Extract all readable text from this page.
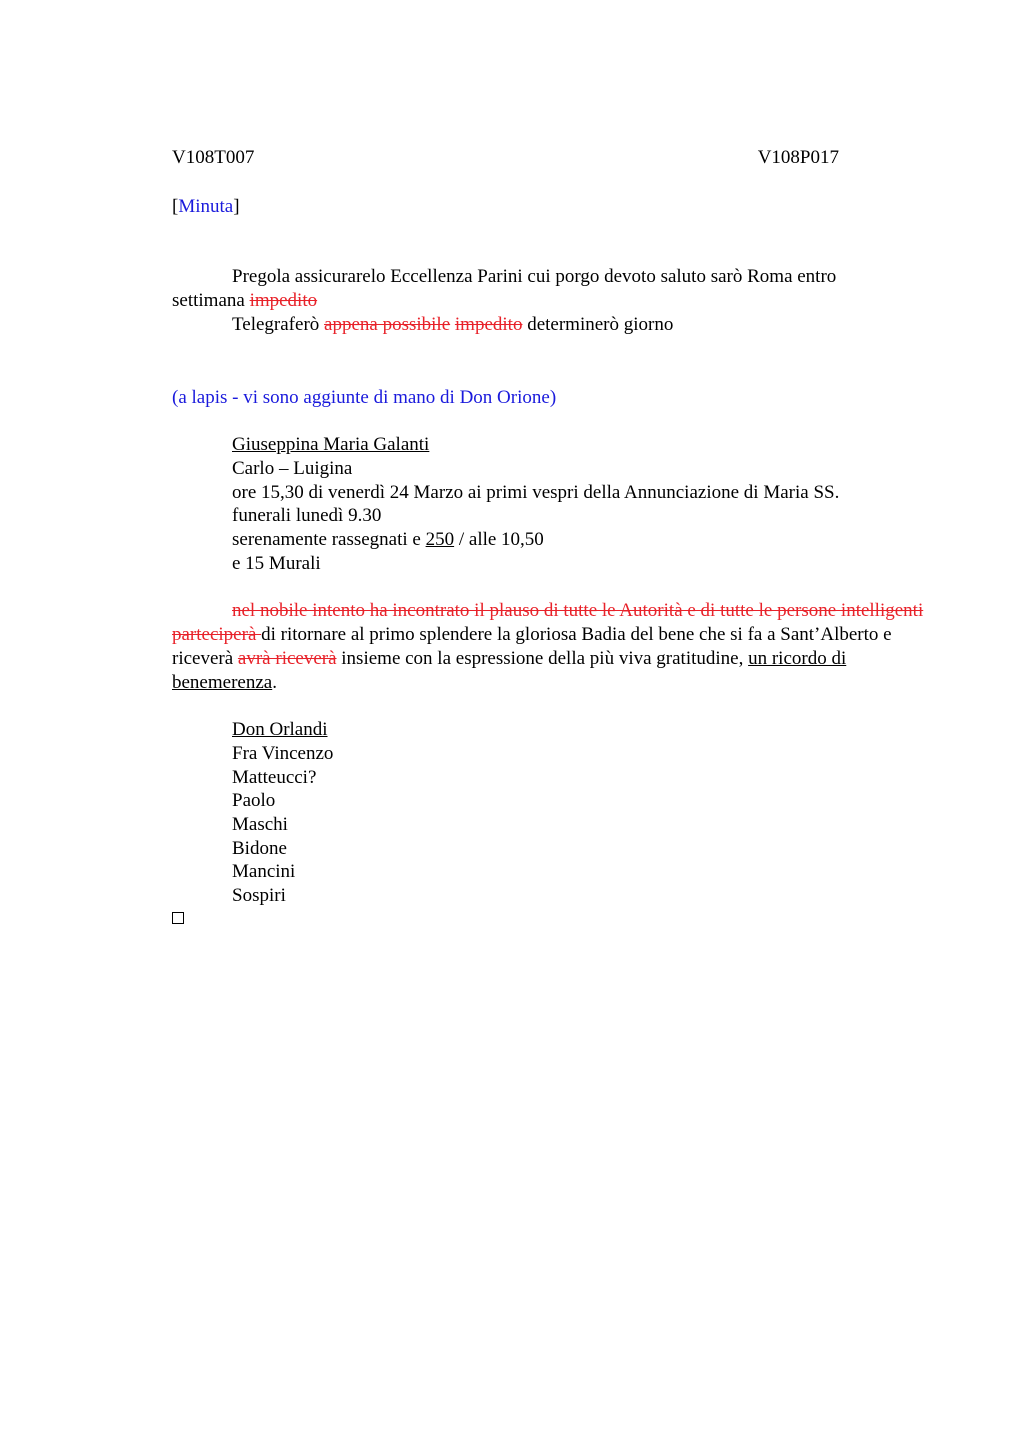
V108T007	V108P017
[Minuta]
Pregola assicurarelo Eccellenza Parini cui porgo devoto saluto sarò Roma entro
settimana impedito
Telegraferò appena possibile impedito determinerò giorno
(a lapis - vi sono aggiunte di mano di Don Orione)
Giuseppina Maria Galanti
Carlo – Luigina
ore 15,30 di venerdì 24 Marzo ai primi vespri della Annunciazione di Maria SS.
funerali lunedì 9.30
serenamente rassegnati e 250 / alle 10,50
e 15 Murali
nel nobile intento ha incontrato il plauso di tutte le Autorità e di tutte le persone intelligenti parteciperà di ritornare al primo splendere la gloriosa Badia del bene che si fa a Sant’Alberto e riceverà avrà riceverà insieme con la espressione della più viva gratitudine, un ricordo di benemerenza.
Don Orlandi
Fra Vincenzo
Matteucci?
Paolo
Maschi
Bidone
Mancini
Sospiri
